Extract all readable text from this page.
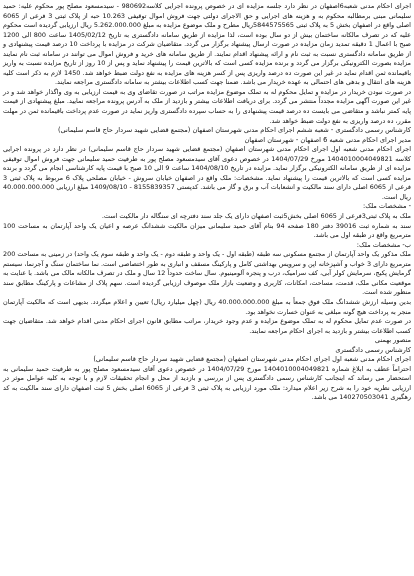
اجرای احکام مدنی شعبه6اصفهان در نظر دارد جلسه مزایده ای در خصوص پرونده اجرایی کلاسه980692 - سیدمسعود مصلح پور محکوم علیه: حمید سلیمانی مبنی برمطالبه محکوم به و هزینه های اجرایی و حق الاجرای دولتی جهت فروش اموال توقیفی 10.263 حبه از پلاک ثبتی 3 فرعی از 6065 اصلی واقع در اصفهان بخش 5 به پلاک ثبتی 5844575565ریال مطرح و ملک موضوع مزایده به مبلغ 5.262.000.000 ریال ارزیابی گردیده است محکوم علیه که در تصرف مالکانه ساختمان بیش از دو سال بوده است، لذا مزایده از طریق سامانه دادگستری به تاریخ 1405/02/12 ساعت 800 الی 1200 صبح با اعمال 1 دقیقه تمدید زمان مزایده در صورت ارسال پیشنهاد برگزار می گردد. متقاضیان شرکت در مزایده با پرداخت 10 درصد قیمت پیشنهادی و از طریق سامانه دادگستری نسبت به ثبت نام و ارائه پیشنهاد اقدام نمایند. از طریق سامانه های خرید و فروش اموال می توانند در سامانه ثبت نام نمایند مزایده بصورت الکترونیکی برگزار می گردد و برنده مزایده کسی است که بالاترین قیمت را پیشنهاد نماید و پس از 10 روز از تاریخ مزایده نسبت به واریز باقیمانده ثمن اقدام نماید در غیر این صورت ده درصد واریزی پس از کسر هزینه های مزایده به نفع دولت ضبط خواهد شد. 1450 لازم به ذکر است کلیه هزینه های انتقال و بدهی های احتمالی به عهده خریدار می باشد. ضمنا جهت کسب اطلاعات بیشتر به سامانه دادگستری مراجعه نمایند.

در صورت نبودن خریدار در مزایده و تمایل محکوم له به تملک موضوع مزایده مراتب در صورت تقاضای وی به قیمت ارزیابی به وی واگذار خواهد شد و در غیر این صورت آگهی مزایده مجدداً منتشر می گردد. برای دریافت اطلاعات بیشتر و بازدید از ملک به آدرس پرونده مراجعه نمایید. مبلغ پیشنهادی از قیمت پایه کمتر نباشد و متقاضی می بایست ده درصد قیمت پیشنهادی را به حساب سپرده دادگستری واریز نماید در صورت عدم پرداخت باقیمانده ثمن در مهلت مقرر، ده درصد واریزی به نفع دولت ضبط خواهد شد.

کارشناس رسمی دادگستری - شعبه ششم اجرای احکام مدنی شهرستان اصفهان (مجتمع قضایی شهید سردار حاج قاسم سلیمانی)

مدیر اجرای احکام مدنی شعبه 6 اصفهان - شهرستان اصفهان

اجرای احکام مدنی شعبه اول اجرای احکام مدنی شهرستان اصفهان (مجتمع قضایی شهید سردار حاج قاسم سلیمانی) در نظر دارد در پرونده اجرایی کلاسه 1404010004049821 مورخ 1404/07/29 در خصوص دعوی آقای سیدمسعود مصلح پور به طرفیت حمید سلیمانی جهت فروش اموال توقیفی مزایده ای از طریق سامانه الکترونیکی برگزار نماید. مزایده در تاریخ 1404/08/10 ساعت 9 الی 10 صبح با قیمت پایه کارشناسی انجام می گردد و برنده مزایده کسی است که بالاترین قیمت را پیشنهاد نماید. مشخصات: ملک واقع در اصفهان خیابان سروش - خیابان مصلحی پلاک 6 مربوط به پلاک ثبتی 3 فرعی از 6065 اصلی دارای سند مالکیت و انشعابات آب و برق و گاز می باشد. کدپستی 8155839357 - 1409/08/10 مبلغ ارزیابی 40.000.000.000 ریال است.

- مشخصات ملک:

ملک به پلاک ثبتی3فرعی از 6065 اصلی بخش5ثبت اصفهان دارای یک جلد سند دفترچه ای سنگاله دار مالکیت است.

سند به شماره ثبت 39016 دفتر 180 صفحه 94 بنام آقای حمید سلیمانی میزان مالکیت ششدانگ عرصه و اعیان یک واحد آپارتمان به مساحت 100 مترمربع واقع در طبقه اول می باشد.

ب- مشخصات ملک:

ملک مذکور یک واحد آپارتمان از مجتمع مسکونی سه طبقه (طبقه اول - یک واحد و طبقه دوم - یک واحد و طبقه سوم یک واحد) در زمینی به مساحت 200 مترمربع دارای 3 خواب و آشپزخانه اپن و سرویس بهداشتی کامل و پارکینگ مسقف و انباری به طور اختصاصی است. نما ساختمان سنگ و آجرنما، سیستم گرمایش پکیج، سرمایش کولر آبی، کف سرامیک، درب و پنجره آلومینیوم. سال ساخت حدوداً 12 سال و ملک در تصرف مالکانه مالک می باشد. با عنایت به موقعیت مکانی ملک، قدمت، مساحت، امکانات، کاربری و وضعیت بازار ملک موصوف ارزیابی گردیده است. سهم پلاک از مشاعات و پارکینگ مطابق سند منظور شده است.

بدین وسیله ارزش ششدانگ ملک فوق جمعاً به مبلغ 40.000.000.000 ریال (چهل میلیارد ریال) تعیین و اعلام میگردد. بدیهی است که مالکیت آپارتمان منجر به پرداخت هیچ گونه مبلغی به عنوان خسارت نخواهد بود.

در صورت عدم تمایل محکوم له به تملک موضوع مزایده و عدم وجود خریدار، مراتب مطابق قانون اجرای احکام مدنی اقدام خواهد شد. متقاضیان جهت کسب اطلاعات بیشتر و بازدید به اجرای احکام مراجعه نمایند.

منصور بهمنی

کارشناس رسمی دادگستری

اجرای احکام مدنی شعبه اول اجرای احکام مدنی شهرستان اصفهان (مجتمع قضایی شهید سردار حاج قاسم سلیمانی)

احتراماً عطف به ابلاغ شماره 1404010004049821 مورخ 1404/07/29 در خصوص دعوی آقای سیدمسعود مصلح پور به طرفیت حمید سلیمانی به استحضار می رساند که اینجانب کارشناس رسمی دادگستری پس از بررسی و بازدید از محل و انجام تحقیقات لازم و با توجه به کلیه عوامل موثر در ارزیابی نظریه خود را به شرح زیر اعلام میدارد: ملک مورد ارزیابی به پلاک ثبتی 3 فرعی از 6065 اصلی بخش 5 ثبت اصفهان دارای سند مالکیت به کد رهگیری 140270503041 می باشد.
